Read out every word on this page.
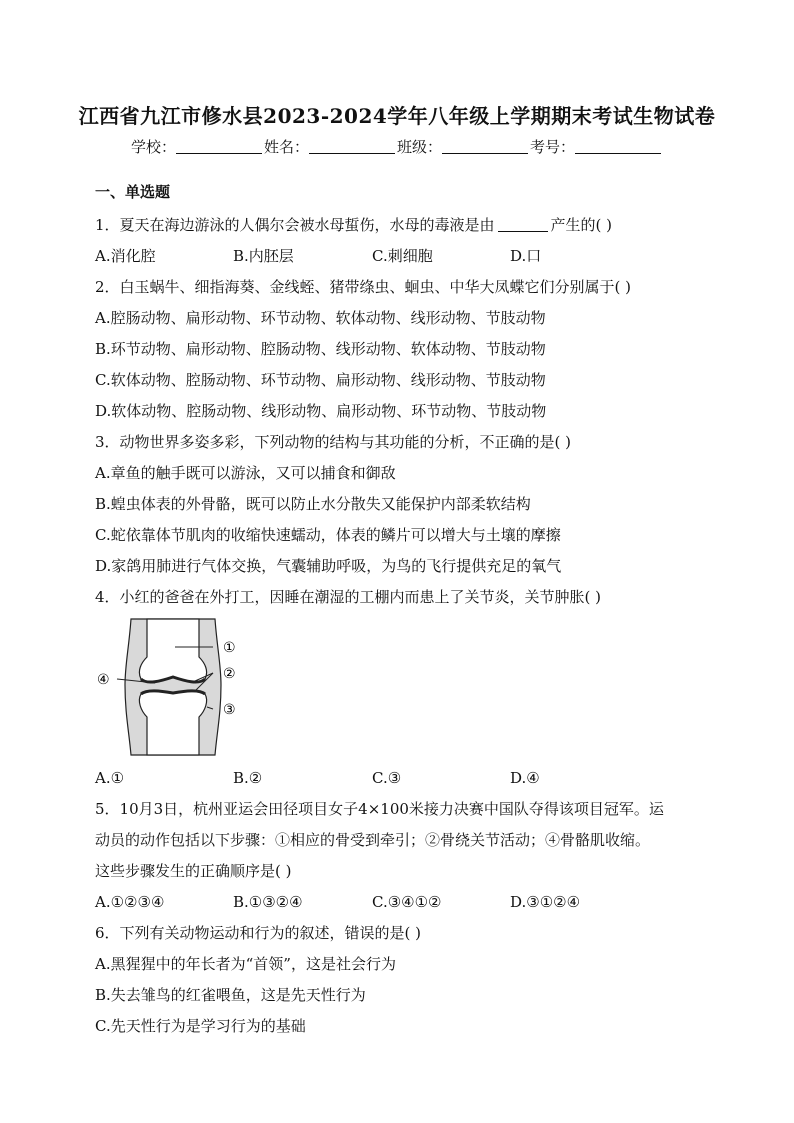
江西省九江市修水县2023-2024学年八年级上学期期末考试生物试卷
学校：	姓名：	班级：	考号：
一、单选题
1．夏天在海边游泳的人偶尔会被水母蜇伤，水母的毒液是由	产生的( )
A.消化腔	B.内胚层	C.刺细胞	D.口
2．白玉蜗牛、细指海葵、金线蛭、猪带绦虫、蛔虫、中华大凤蝶它们分别属于( )
A.腔肠动物、扁形动物、环节动物、软体动物、线形动物、节肢动物
B.环节动物、扁形动物、腔肠动物、线形动物、软体动物、节肢动物
C.软体动物、腔肠动物、环节动物、扁形动物、线形动物、节肢动物
D.软体动物、腔肠动物、线形动物、扁形动物、环节动物、节肢动物
3．动物世界多姿多彩，下列动物的结构与其功能的分析，不正确的是( )
A.章鱼的触手既可以游泳，又可以捕食和御敌
B.蝗虫体表的外骨骼，既可以防止水分散失又能保护内部柔软结构
C.蛇依靠体节肌肉的收缩快速蠕动，体表的鳞片可以增大与土壤的摩擦
D.家鸽用肺进行气体交换，气囊辅助呼吸，为鸟的飞行提供充足的氧气
4．小红的爸爸在外打工，因睡在潮湿的工棚内而患上了关节炎，关节肿胀( )
①
②
③
④
A.①	B.②	C.③	D.④
5．10月3日，杭州亚运会田径项目女子4×100米接力决赛中国队夺得该项目冠军。运
动员的动作包括以下步骤：①相应的骨受到牵引；②骨绕关节活动；④骨骼肌收缩。
这些步骤发生的正确顺序是( )
A.①②③④	B.①③②④	C.③④①②	D.③①②④
6．下列有关动物运动和行为的叙述，错误的是( )
A.黑猩猩中的年长者为“首领”，这是社会行为
B.失去雏鸟的红雀喂鱼，这是先天性行为
C.先天性行为是学习行为的基础
